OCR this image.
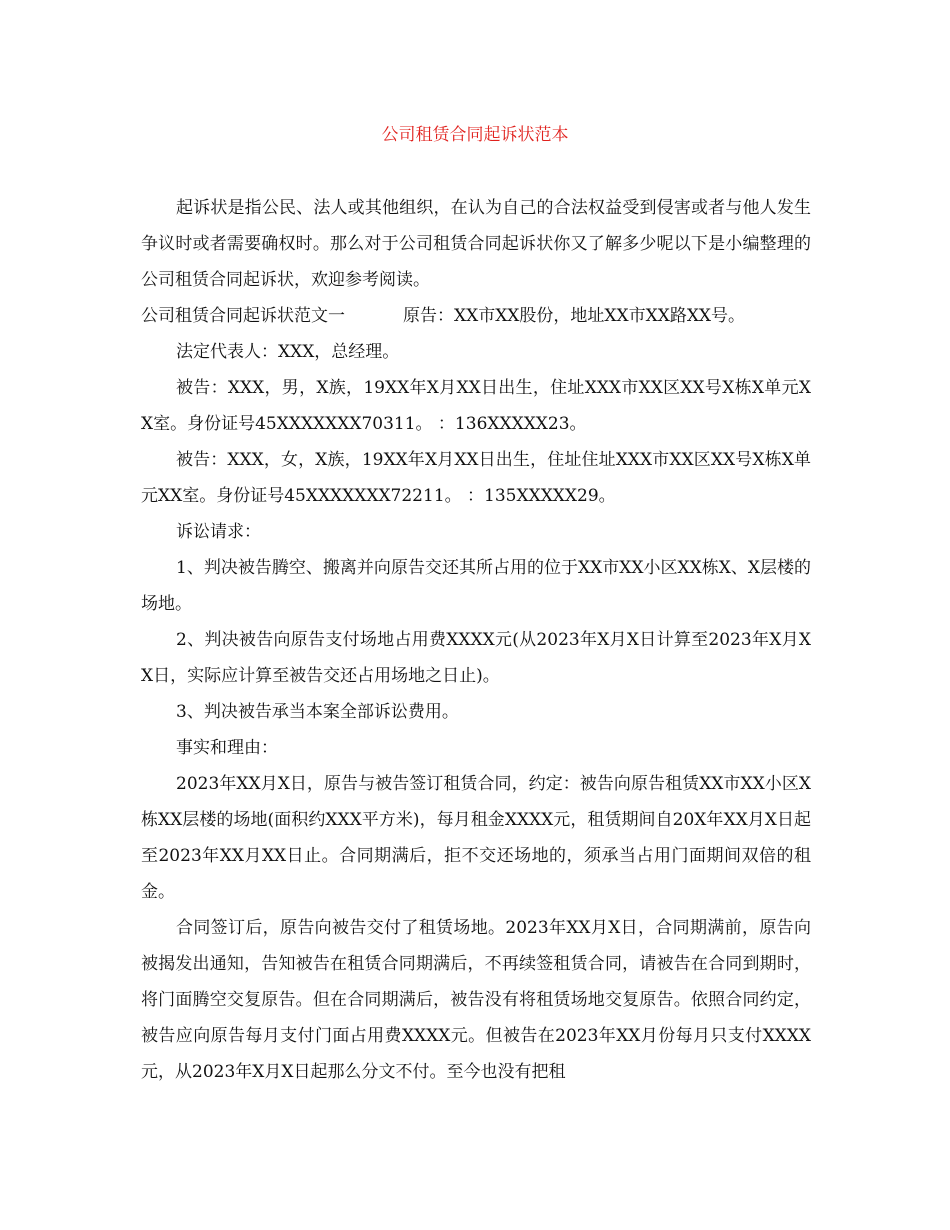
公司租赁合同起诉状范本

起诉状是指公民、法人或其他组织，在认为自己的合法权益受到侵害或者与他人发生争议时或者需要确权时。那么对于公司租赁合同起诉状你又了解多少呢以下是小编整理的公司租赁合同起诉状，欢迎参考阅读。

公司租赁合同起诉状范文一	原告：XX市XX股份，地址XX市XX路XX号。

法定代表人：XXX，总经理。

被告：XXX，男，X族，19XX年X月XX日出生，住址XXX市XX区XX号X栋X单元XX室。身份证号45XXXXXXX70311。 ：136XXXXX23。

被告：XXX，女，X族，19XX年X月XX日出生，住址住址XXX市XX区XX号X栋X单元XX室。身份证号45XXXXXXX72211。 ：135XXXXX29。

诉讼请求：

1、判决被告腾空、搬离并向原告交还其所占用的位于XX市XX小区XX栋X、X层楼的场地。

2、判决被告向原告支付场地占用费XXXX元(从2023年X月X日计算至2023年X月XX日，实际应计算至被告交还占用场地之日止)。

3、判决被告承当本案全部诉讼费用。

事实和理由：

2023年XX月X日，原告与被告签订租赁合同，约定：被告向原告租赁XX市XX小区X栋XX层楼的场地(面积约XXX平方米)，每月租金XXXX元，租赁期间自20X年XX月X日起至2023年XX月XX日止。合同期满后，拒不交还场地的，须承当占用门面期间双倍的租金。

合同签订后，原告向被告交付了租赁场地。2023年XX月X日，合同期满前，原告向被揭发出通知，告知被告在租赁合同期满后，不再续签租赁合同，请被告在合同到期时，将门面腾空交复原告。但在合同期满后，被告没有将租赁场地交复原告。依照合同约定，被告应向原告每月支付门面占用费XXXX元。但被告在2023年XX月份每月只支付XXXX元，从2023年X月X日起那么分文不付。至今也没有把租
